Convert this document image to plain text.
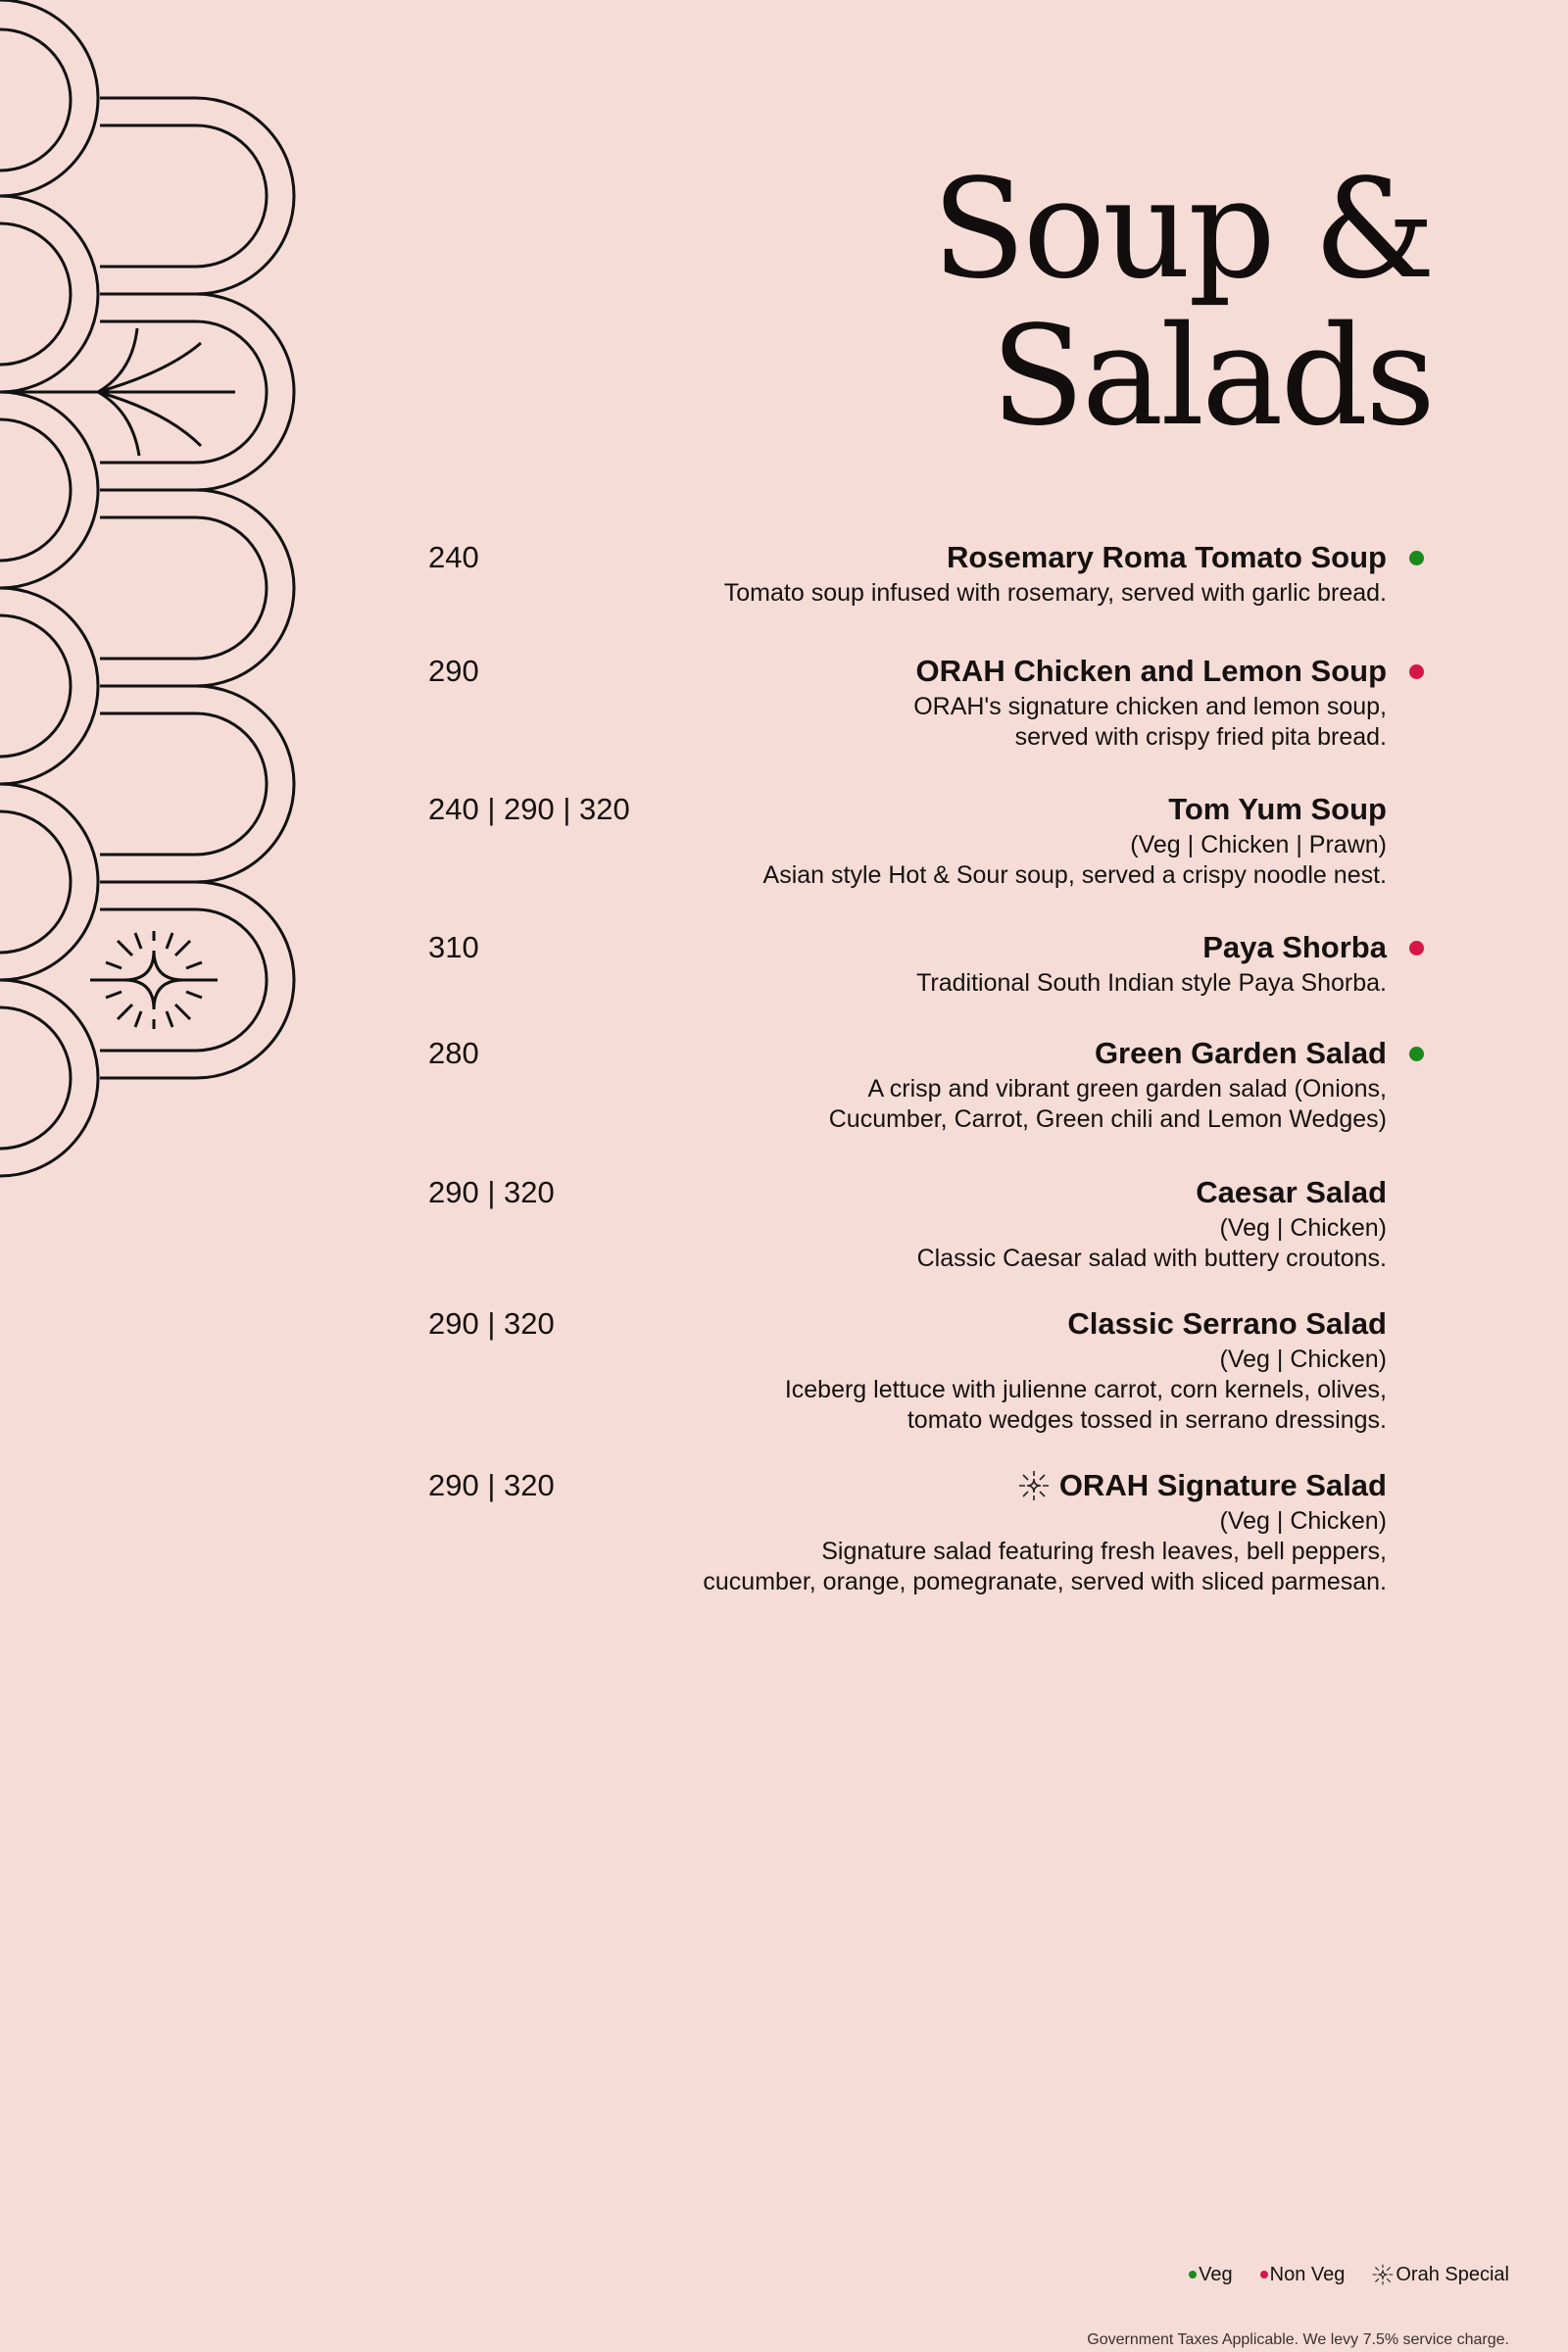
Soup &
Salads
240	Rosemary Roma Tomato Soup
Tomato soup infused with rosemary, served with garlic bread.
290	ORAH Chicken and Lemon Soup
ORAH's signature chicken and lemon soup,
served with crispy fried pita bread.
240 | 290 | 320	Tom Yum Soup
(Veg | Chicken | Prawn)
Asian style Hot & Sour soup, served a crispy noodle nest.
310	Paya Shorba
Traditional South Indian style Paya Shorba.
280	Green Garden Salad
A crisp and vibrant green garden salad (Onions,
Cucumber, Carrot, Green chili and Lemon Wedges)
290 | 320	Caesar Salad
(Veg | Chicken)
Classic Caesar salad with buttery croutons.
290 | 320	Classic Serrano Salad
(Veg | Chicken)
Iceberg lettuce with julienne carrot, corn kernels, olives,
tomato wedges tossed in serrano dressings.
290 | 320	ORAH Signature Salad
(Veg | Chicken)
Signature salad featuring fresh leaves, bell peppers,
cucumber, orange, pomegranate, served with sliced parmesan.
Veg Non Veg	Orah Special
Government Taxes Applicable. We levy 7.5% service charge.
